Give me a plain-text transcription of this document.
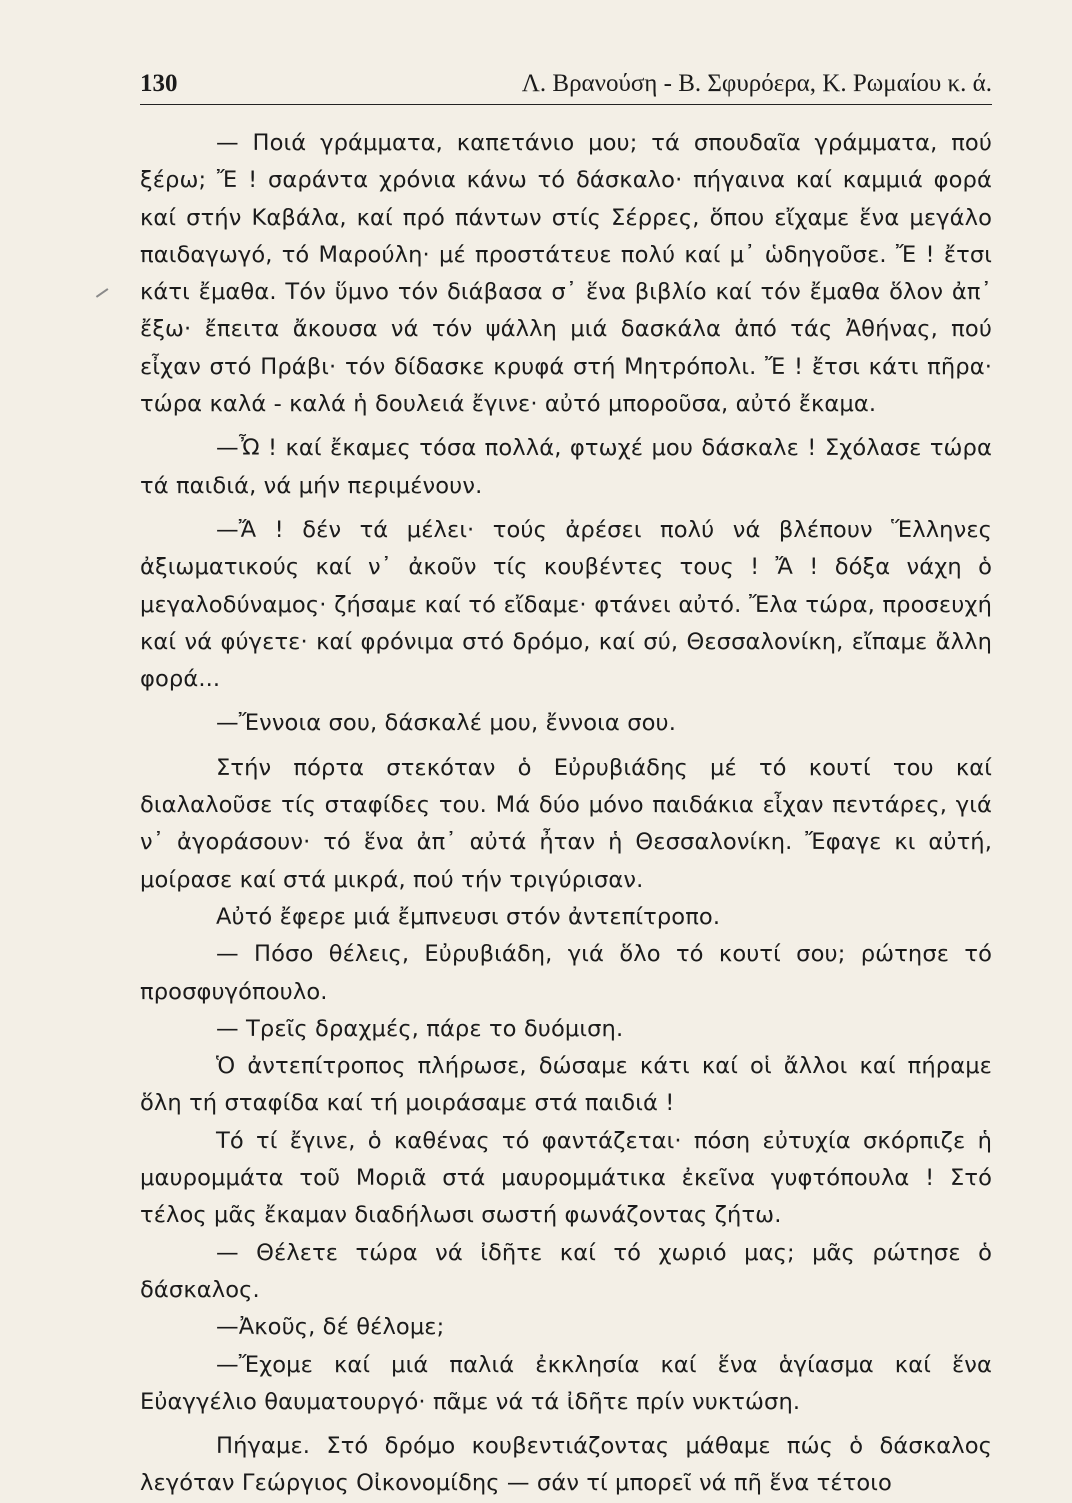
130	Λ. Βρανούση - Β. Σφυρόερα, Κ. Ρωμαίου κ. ά.

— Ποιά γράμματα, καπετάνιο μου; τά σπουδαῖα γράμματα, πού ξέρω; Ἔ ! σαράντα χρόνια κάνω τό δάσκαλο· πήγαινα καί καμμιά φορά καί στήν Καβάλα, καί πρό πάντων στίς Σέρρες, ὅπου εἴχαμε ἕνα μεγάλο παιδαγωγό, τό Μαρούλη· μέ προστάτευε πολύ καί μ᾿ ὡδηγοῦσε. Ἔ ! ἔτσι κάτι ἔμαθα. Τόν ὕμνο τόν διάβασα σ᾿ ἕνα βιβλίο καί τόν ἔμαθα ὅλον ἀπ᾿ ἔξω· ἔπειτα ἄκουσα νά τόν ψάλλη μιά δασκάλα ἀπό τάς Ἀθήνας, πού εἶχαν στό Πράβι· τόν δίδασκε κρυφά στή Μητρόπολι. Ἔ ! ἔτσι κάτι πῆρα· τώρα καλά - καλά ἡ δουλειά ἔγινε· αὐτό μποροῦσα, αὐτό ἔκαμα.

—Ὦ ! καί ἔκαμες τόσα πολλά, φτωχέ μου δάσκαλε ! Σχόλασε τώρα τά παιδιά, νά μήν περιμένουν.

—Ἄ ! δέν τά μέλει· τούς ἀρέσει πολύ νά βλέπουν Ἕλληνες ἀξιωματικούς καί ν᾿ ἀκοῦν τίς κουβέντες τους ! Ἄ ! δόξα νάχη ὁ μεγαλοδύναμος· ζήσαμε καί τό εἴδαμε· φτάνει αὐτό. Ἔλα τώρα, προσευχή καί νά φύγετε· καί φρόνιμα στό δρόμο, καί σύ, Θεσσαλονίκη, εἴπαμε ἄλλη φορά...

—Ἔννοια σου, δάσκαλέ μου, ἔννοια σου.

Στήν πόρτα στεκόταν ὁ Εὐρυβιάδης μέ τό κουτί του καί διαλαλοῦσε τίς σταφίδες του. Μά δύο μόνο παιδάκια εἶχαν πεντάρες, γιά ν᾿ ἀγοράσουν· τό ἕνα ἀπ᾿ αὐτά ἦταν ἡ Θεσσαλονίκη. Ἔφαγε κι αὐτή, μοίρασε καί στά μικρά, πού τήν τριγύρισαν.

Αὐτό ἔφερε μιά ἔμπνευσι στόν ἀντεπίτροπο.

— Πόσο θέλεις, Εὐρυβιάδη, γιά ὅλο τό κουτί σου; ρώτησε τό προσφυγόπουλο.

— Τρεῖς δραχμές, πάρε το δυόμιση.

Ὁ ἀντεπίτροπος πλήρωσε, δώσαμε κάτι καί οἱ ἄλλοι καί πήραμε ὅλη τή σταφίδα καί τή μοιράσαμε στά παιδιά !

Τό τί ἔγινε, ὁ καθένας τό φαντάζεται· πόση εὐτυχία σκόρπιζε ἡ μαυρομμάτα τοῦ Μοριᾶ στά μαυρομμάτικα ἐκεῖνα γυφτόπουλα ! Στό τέλος μᾶς ἔκαμαν διαδήλωσι σωστή φωνάζοντας ζήτω.

— Θέλετε τώρα νά ἰδῆτε καί τό χωριό μας; μᾶς ρώτησε ὁ δάσκαλος.

—Ἀκοῦς, δέ θέλομε;

—Ἔχομε καί μιά παλιά ἐκκλησία καί ἕνα ἁγίασμα καί ἕνα Εὐαγγέλιο θαυματουργό· πᾶμε νά τά ἰδῆτε πρίν νυκτώση.

Πήγαμε. Στό δρόμο κουβεντιάζοντας μάθαμε πώς ὁ δάσκαλος λεγόταν Γεώργιος Οἰκονομίδης — σάν τί μπορεῖ νά πῆ ἕνα τέτοιο
